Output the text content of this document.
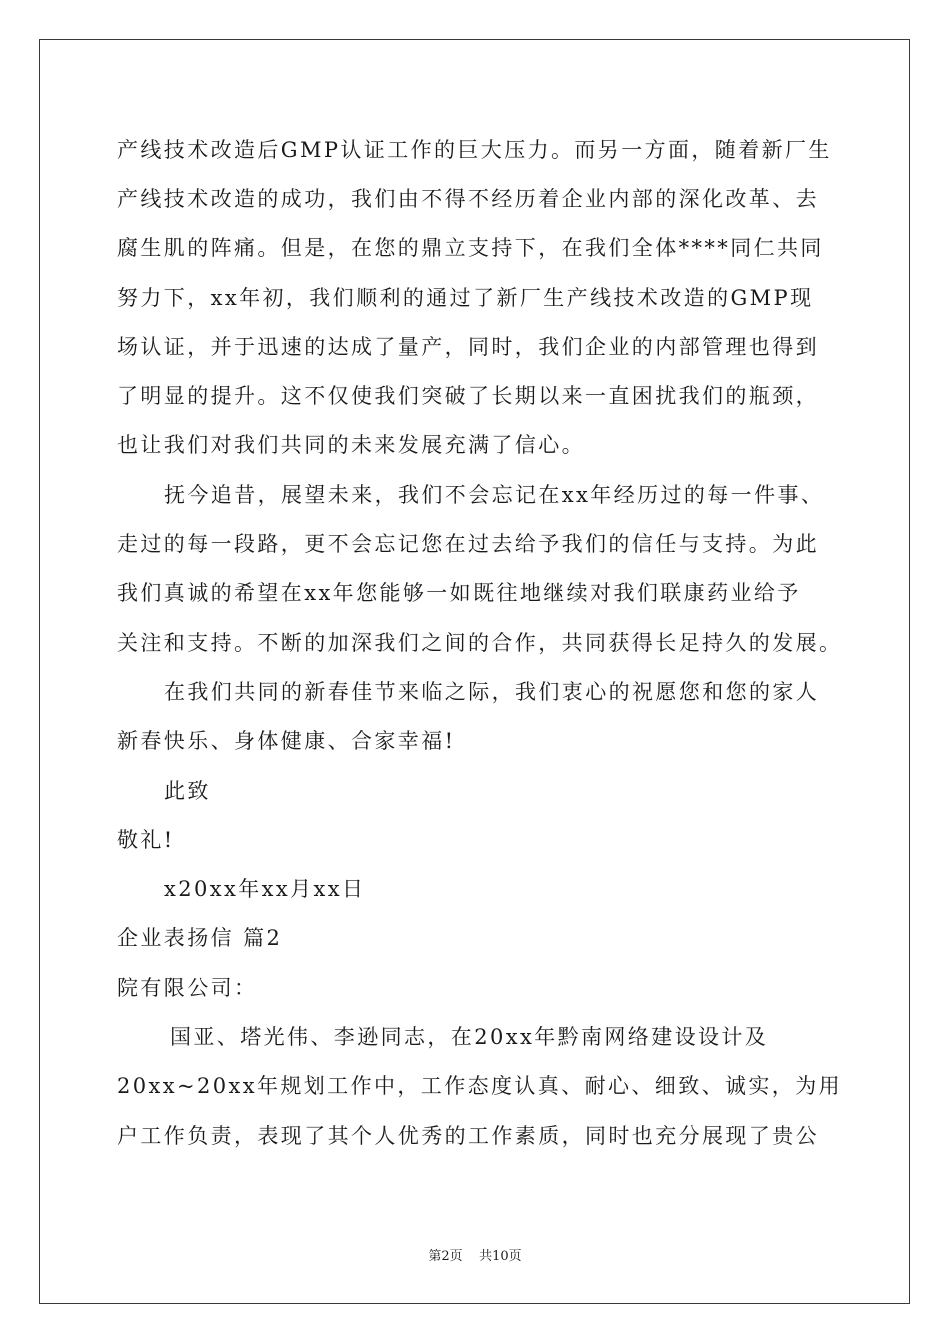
产线技术改造后GMP认证工作的巨大压力。而另一方面，随着新厂生
产线技术改造的成功，我们由不得不经历着企业内部的深化改革、去
腐生肌的阵痛。但是，在您的鼎立支持下，在我们全体****同仁共同
努力下，xx年初，我们顺利的通过了新厂生产线技术改造的GMP现
场认证，并于迅速的达成了量产，同时，我们企业的内部管理也得到
了明显的提升。这不仅使我们突破了长期以来一直困扰我们的瓶颈，
也让我们对我们共同的未来发展充满了信心。
抚今追昔，展望未来，我们不会忘记在xx年经历过的每一件事、
走过的每一段路，更不会忘记您在过去给予我们的信任与支持。为此
我们真诚的希望在xx年您能够一如既往地继续对我们联康药业给予
关注和支持。不断的加深我们之间的合作，共同获得长足持久的发展。
在我们共同的新春佳节来临之际，我们衷心的祝愿您和您的家人
新春快乐、身体健康、合家幸福!
此致
敬礼!
x20xx年xx月xx日
企业表扬信 篇2
院有限公司：
国亚、塔光伟、李逊同志，在20xx年黔南网络建设设计及
20xx~20xx年规划工作中，工作态度认真、耐心、细致、诚实，为用
户工作负责，表现了其个人优秀的工作素质，同时也充分展现了贵公
第2页 共10页
